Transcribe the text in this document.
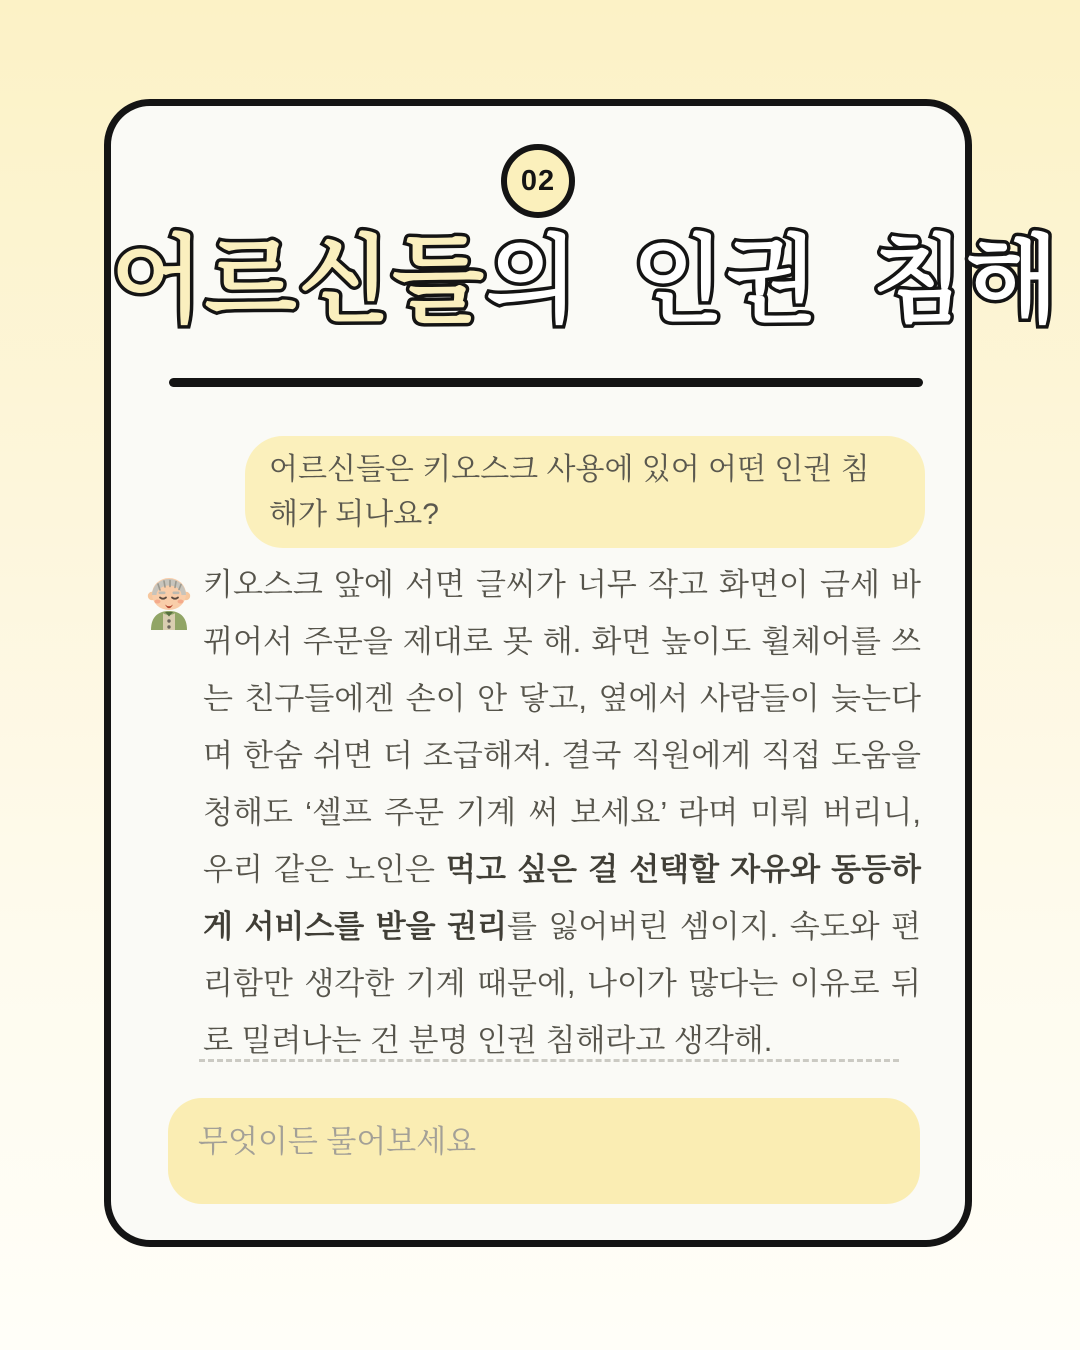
02
어르신들의 인권 침해

어르신들은 키오스크 사용에 있어 어떤 인권 침해가 되나요?

키오스크 앞에 서면 글씨가 너무 작고 화면이 금세 바뀌어서 주문을 제대로 못 해. 화면 높이도 휠체어를 쓰는 친구들에겐 손이 안 닿고, 옆에서 사람들이 늦는다며 한숨 쉬면 더 조급해져. 결국 직원에게 직접 도움을 청해도 ‘셀프 주문 기계 써 보세요’ 라며 미뤄 버리니, 우리 같은 노인은 먹고 싶은 걸 선택할 자유와 동등하게 서비스를 받을 권리를 잃어버린 셈이지. 속도와 편리함만 생각한 기계 때문에, 나이가 많다는 이유로 뒤로 밀려나는 건 분명 인권 침해라고 생각해.

무엇이든 물어보세요
